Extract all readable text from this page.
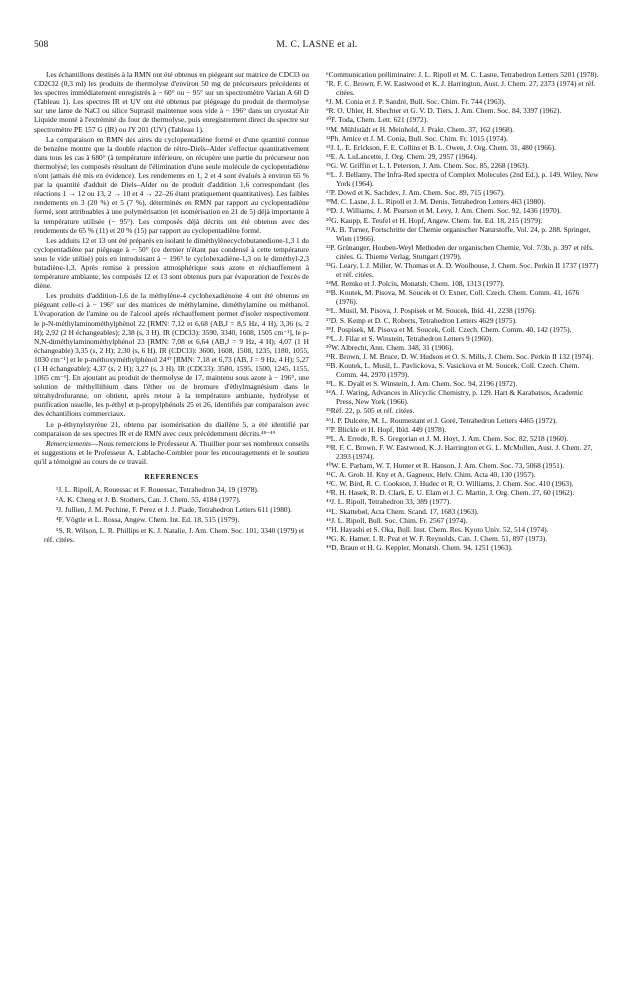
508	M. C. LASNE et al.

Les échantillons destinés à la RMN ont été obtenus en piégeant sur matrice de CDCl3 ou CD2Cl2 (0,3 ml) les produits de thermolyse d'environ 50 mg de précurseurs précédents et les spectres immédiatement enregistrés à − 60° ou − 95° sur un spectromètre Varian A 60 D (Tableau 1). Les spectres IR et UV ont été obtenus par piégeage du produit de thermolyse sur une lame de NaCl ou silice Suprasil maintenue sous vide à − 196° dans un cryostat Air Liquide monté à l'extrémité du four de thermolyse, puis enregistrement direct du spectre sur spectromètre PE 157 G (IR) ou JY 201 (UV) (Tableau 1).

La comparaison en RMN des aires du cyclopentadiène formé et d'une quantité connue de benzène montre que la double réaction de rétro-Diels–Alder s'effectue quantitativement dans tous les cas à 680° (à température inférieure, on récupère une partie du précurseur non thermolysé; les composés résultant de l'élimination d'une seule molécule de cyclopentadiène n'ont jamais été mis en évidence). Les rendements en 1, 2 et 4 sont évalués à environ 65 % par la quantité d'adduit de Diels–Alder ou de produit d'addition 1,6 correspondant (les réactions 1 → 12 ou 13, 2 → 10 et 4 → 22–26 étant pratiquement quantitatives). Les faibles rendements en 3 (20 %) et 5 (7 %), déterminés en RMN par rapport au cyclopentadiène formé, sont attribuables à une polymérisation (et isomérisation en 21 de 5) déjà importante à la température utilisée (− 95°). Les composés déjà décrits ont été obtenus avec des rendements de 65 % (11) et 20 % (15) par rapport au cyclopentadiène formé.

Les adduits 12 et 13 ont été préparés en isolant le diméthylènecyclobutanedione-1,3 1 du cyclopentadiène par piégeage à − 50° (ce dernier n'étant pas condensé à cette température sous le vide utilisé) puis en introduisant à − 196° le cyclohexadiène-1,3 ou le diméthyl-2,3 butadiène-1,3. Après remise à pression atmosphérique sous azote et réchauffement à température ambiante, les composés 12 et 13 sont obtenus purs par évaporation de l'excès de diène.

Les produits d'addition-1,6 de la méthylène-4 cyclohexadiénone 4 ont été obtenus en piégeant celle-ci à − 196° sur des matrices de méthylamine, diméthylamine ou méthanol. L'évaporation de l'amine ou de l'alcool après réchauffement permet d'isoler respectivement le p-N-méthylaminométhylphénol 22 [RMN: 7,12 et 6,68 (AB,J = 8,5 Hz, 4 H), 3,36 (s, 2 H); 2,92 (2 H échangeables); 2,38 (s, 3 H). IR (CDCl3): 3590, 3340, 1608, 1505 cm⁻¹], le p-N,N-diméthylaminométhylphénol 23 [RMN: 7,08 et 6,64 (AB,J = 9 Hz, 4 H); 4,07 (1 H échangeable) 3,35 (s, 2 H); 2,30 (s, 6 H). IR (CDCl3): 3600, 1608, 1508, 1235, 1180, 1055, 1030 cm⁻¹] et le p-méthoxyméthylphénol 24⁴⁷ [RMN: 7,18 et 6,73 (AB, J = 9 Hz, 4 H); 5,27 (1 H échangeable); 4,37 (s, 2 H); 3,27 (s, 3 H). IR (CDCl3): 3580, 1595, 1500, 1245, 1155, 1065 cm⁻¹]. En ajoutant au produit de thermolyse de 17, maintenu sous azote à − 196°, une solution de méthyllithium dans l'éther ou de bromure d'éthylmagnésium dans le tétrahydrofuranne, on obtient, après retour à la température ambiante, hydrolyse et purification usuelle, les p-éthyl et p-propylphénols 25 et 26, identifiés par comparaison avec des échantillons commerciaux.

Le p-éthynylstyrène 21, obtenu par isomérisation du diallène 5, a été identifié par comparaison de ses spectres IR et de RMN avec ceux précédemment décrits.⁴⁸⁻⁴⁹

Remerciements—Nous remercions le Professeur A. Thuillier pour ses nombreux conseils et suggestions et le Professeur A. Lablache-Combier pour les encouragements et le soutien qu'il a témoigné au cours de ce travail.

REFERENCES

¹J. L. Ripoll, A. Rouessac et F. Rouessac, Tetrahedron 34, 19 (1978).

²A. K. Cheng et J. B. Stothers, Can. J. Chem. 55, 4184 (1977).

³J. Jullien, J. M. Pechine, F. Perez et J. J. Piade, Tetrahedron Letters 611 (1980).

⁴F. Vögtle et L. Rossa, Angew. Chem. Int. Ed. 18, 515 (1979).

⁵S. R. Wilson, L. R. Phillips et K. J. Natalie, J. Am. Chem. Soc. 101, 3340 (1979) et réf. citées.

⁶Communication préliminaire: J. L. Ripoll et M. C. Lasne, Tetrahedron Letters 5201 (1978).

⁷R. F. C. Brown, F. W. Eastwood et K. J. Harrington, Aust. J. Chem. 27, 2373 (1974) et réf. citées.

⁸J. M. Conia et J. P. Sandré, Bull. Soc. Chim. Fr. 744 (1963).

⁹R. O. Uhler, H. Shechter et G. V. D. Tiers, J. Am. Chem. Soc. 84, 3397 (1962).

¹⁰F. Toda, Chem. Lett. 621 (1972).

¹¹M. Mühlstädt et H. Meinhold, J. Prakt. Chem. 37, 162 (1968).

¹²Ph. Amice et J. M. Conia, Bull. Soc. Chim. Fr. 1015 (1974).

¹³J. L. E. Erickson, F. E. Collins et B. L. Owen, J. Org. Chem. 31, 480 (1966).

¹⁴E. A. LuLancette, J. Org. Chem. 29, 2957 (1964).

¹⁵G. W. Griffin et L. I. Peterson, J. Am. Chem. Soc. 85, 2268 (1963).

¹⁶L. J. Bellamy, The Infra-Red spectra of Complex Molecules (2nd Ed.), p. 149. Wiley, New York (1964).

¹⁷P. Dowd et K. Sachdev, J. Am. Chem. Soc. 89, 715 (1967).

¹⁸M. C. Lasne, J. L. Ripoll et J. M. Denis, Tetrahedron Letters 463 (1980).

¹⁹D. J. Williams, J. M. Pearson et M. Levy, J. Am. Chem. Soc. 92, 1436 (1970).

²⁰G. Kaupp, E. Teufel et H. Hopf, Angew. Chem. Int. Ed. 18, 215 (1979).

²¹A. B. Turner, Fortschritte der Chemie organischer Naturstoffe, Vol. 24, p. 288. Springer, Wien (1966).

²²P. Grünanger, Houben-Weyl Methoden der organischen Chemie, Vol. 7/3b, p. 397 et réfs. citées. G. Thieme Verlag, Stuttgart (1979).

²³G. Leary, I. J. Miller, W. Thomas et A. D. Woolhouse, J. Chem. Soc. Perkin II 1737 (1977) et réf. citées.

²⁴M. Remko et J. Polcin, Monatsh. Chem. 108, 1313 (1977).

²⁵B. Koutek, M. Pisova, M. Soucek et O. Exner, Coll. Czech. Chem. Comm. 41, 1676 (1976).

²⁶L. Musil, M. Pisova, J. Pospisek et M. Soucek, Ibid. 41, 2238 (1976).

²⁷D. S. Kemp et D. C. Roberts, Tetrahedron Letters 4629 (1975).

²⁸J. Pospisek, M. Pisova et M. Soucek, Coll. Czech. Chem. Comm. 40, 142 (1975).

²⁹L. J. Filar et S. Winstein, Tetrahedron Letters 9 (1960).

³⁰W. Albrecht, Ann. Chem. 348, 31 (1906).

³¹R. Brown, J. M. Bruce, D. W. Hudson et O. S. Mills, J. Chem. Soc. Perkin II 132 (1974).

³²B. Koutek, L. Musil, L. Pavlickova, S. Vasickova et M. Soucek, Coll. Czech. Chem. Comm. 44, 2970 (1979).

³³L. K. Dyall et S. Winstein, J. Am. Chem. Soc. 94, 2196 (1972).

³⁴A. J. Waring, Advances in Alicyclic Chemistry, p. 129. Hart & Karabatsos, Academic Press, New York (1966).

³⁵Réf. 22, p. 505 et réf. citées.

³⁶J. P. Dulcere, M. L. Roumestant et J. Goré, Tetrahedron Letters 4465 (1972).

³⁷P. Blickle et H. Hopf, Ibid. 449 (1978).

³⁸L. A. Errede, R. S. Gregorian et J. M. Hoyt, J. Am. Chem. Soc. 82, 5218 (1960).

³⁹R. F. C. Brown, F. W. Eastwood, K. J. Harrington et G. L. McMullen, Aust. J. Chem. 27, 2393 (1974).

⁴⁰W. E. Parham, W. T. Hunter et R. Hanson, J. Am. Chem. Soc. 73, 5068 (1951).

⁴¹C. A. Grob. H. Kny et A. Gagneux, Helv. Chim. Acta 40, 130 (1957).

⁴²C. W. Bird, R. C. Cookson, J. Hudec et R. O. Williams, J. Chem. Soc. 410 (1963).

⁴³R. H. Hasek, R. D. Clark, E. U. Elam et J. C. Martin, J. Org. Chem. 27, 60 (1962).

⁴⁴J. L. Ripoll, Tetrahedron 33, 389 (1977).

⁴⁵L. Skattebøl, Acta Chem. Scand. 17, 1683 (1963).

⁴⁶J. L. Ripoll, Bull. Soc. Chim. Fr. 2567 (1974).

⁴⁷H. Hayashi et S. Oka, Bull. Inst. Chem. Res. Kyoto Univ. 52, 514 (1974).

⁴⁸G. K. Hamer, I. R. Peat et W. F. Reynolds, Can. J. Chem. 51, 897 (1973).

⁴⁹D. Braun et H. G. Keppler, Monatsh. Chem. 94, 1251 (1963).
